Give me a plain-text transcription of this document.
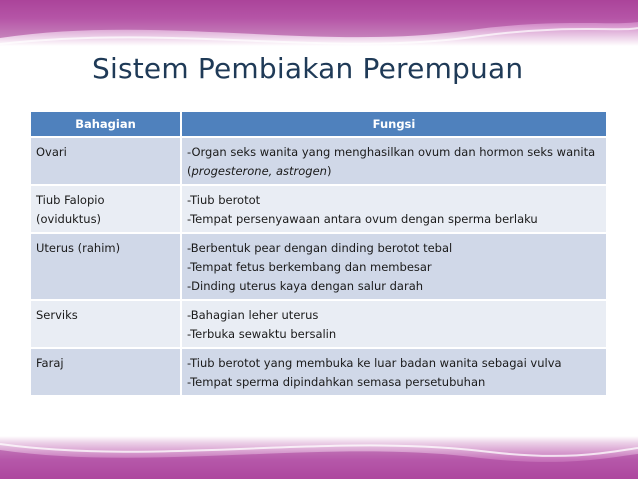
Sistem Pembiakan Perempuan
Bahagian	Fungsi

Ovari	-Organ seks wanita yang menghasilkan ovum dan hormon seks wanita (progesterone, astrogen)

Tiub Falopio
(oviduktus)	-Tiub berotot
-Tempat persenyawaan antara ovum dengan sperma berlaku

Uterus (rahim)	-Berbentuk pear dengan dinding berotot tebal
-Tempat fetus berkembang dan membesar
-Dinding uterus kaya dengan salur darah

Serviks	-Bahagian leher uterus
-Terbuka sewaktu bersalin

Faraj	-Tiub berotot yang membuka ke luar badan wanita sebagai vulva
-Tempat sperma dipindahkan semasa persetubuhan
